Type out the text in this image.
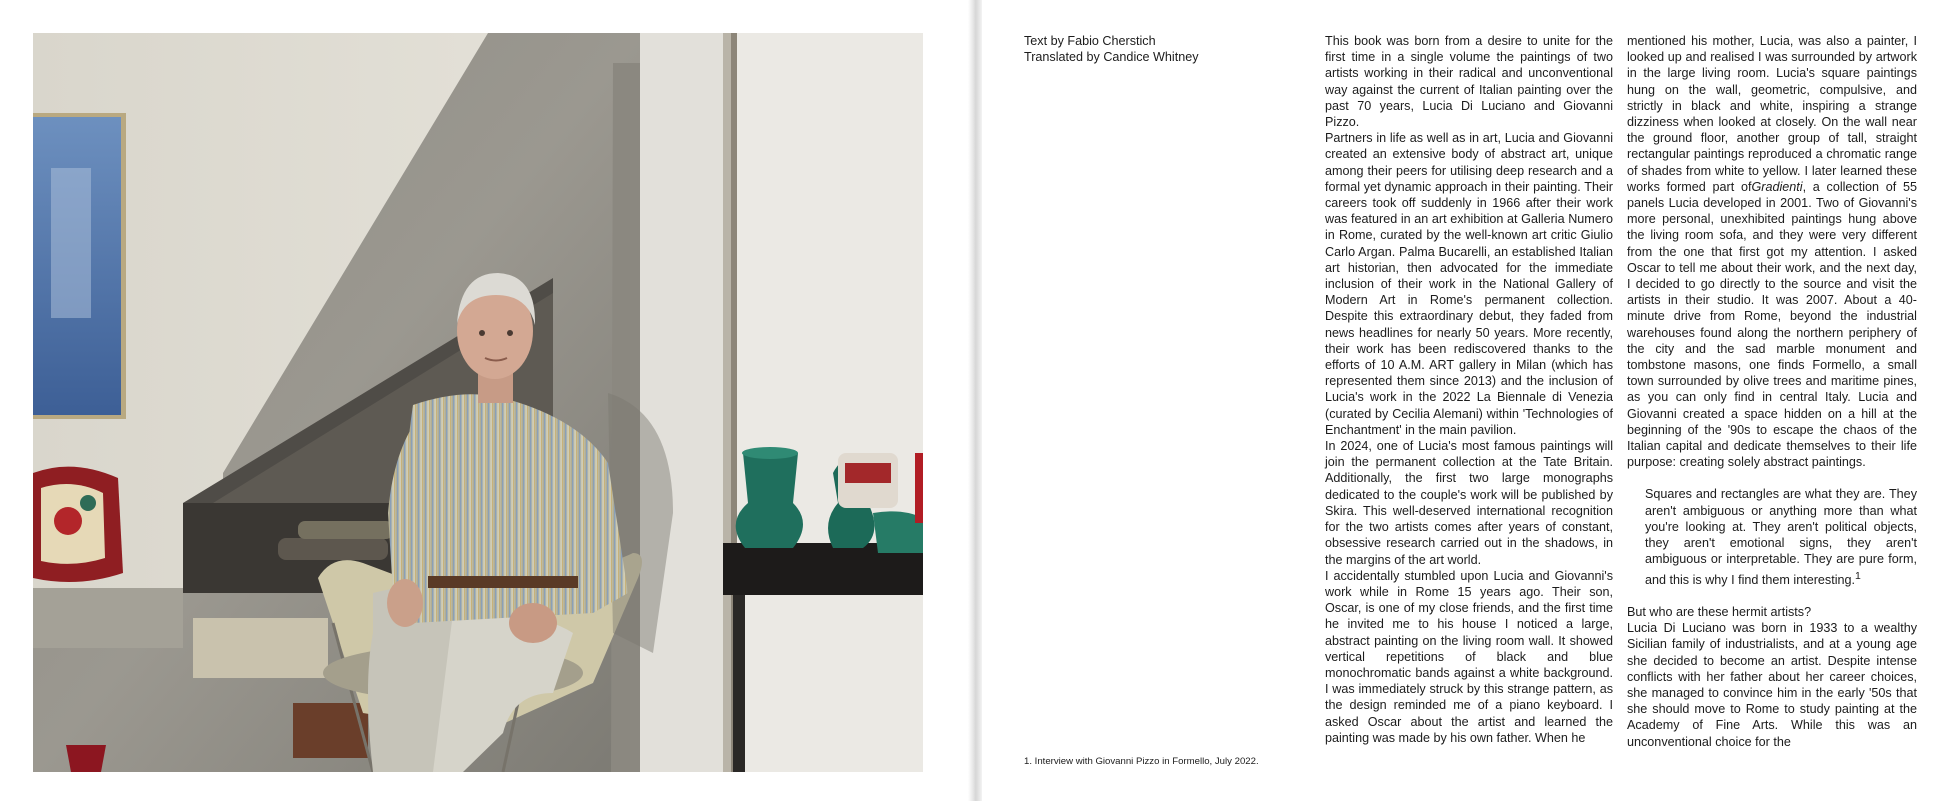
Text by Fabio Cherstich
Translated by Candice Whitney
1. Interview with Giovanni Pizzo in Formello, July 2022.

This book was born from a desire to unite for the first time in a single volume the paintings of two artists working in their radical and unconventional way against the current of Italian painting over the past 70 years, Lucia Di Luciano and Giovanni Pizzo.

Partners in life as well as in art, Lucia and Giovanni created an extensive body of abstract art, unique among their peers for utilising deep research and a formal yet dynamic approach in their painting. Their careers took off suddenly in 1966 after their work was featured in an art exhibition at Galleria Numero in Rome, curated by the well-known art critic Giulio Carlo Argan. Palma Bucarelli, an established Italian art historian, then advocated for the immediate inclusion of their work in the National Gallery of Modern Art in Rome's permanent collection. Despite this extraordinary debut, they faded from news headlines for nearly 50 years. More recently, their work has been rediscovered thanks to the efforts of 10 A.M. ART gallery in Milan (which has represented them since 2013) and the inclusion of Lucia's work in the 2022 La Biennale di Venezia (curated by Cecilia Alemani) within 'Technologies of Enchantment' in the main pavilion.

In 2024, one of Lucia's most famous paintings will join the permanent collection at the Tate Britain. Additionally, the first two large monographs dedicated to the couple's work will be published by Skira. This well-deserved international recognition for the two artists comes after years of constant, obsessive research carried out in the shadows, in the margins of the art world.

I accidentally stumbled upon Lucia and Giovanni's work while in Rome 15 years ago. Their son, Oscar, is one of my close friends, and the first time he invited me to his house I noticed a large, abstract painting on the living room wall. It showed vertical repetitions of black and blue monochromatic bands against a white background. I was immediately struck by this strange pattern, as the design reminded me of a piano keyboard. I asked Oscar about the artist and learned the painting was made by his own father. When he

mentioned his mother, Lucia, was also a painter, I looked up and realised I was surrounded by artwork in the large living room. Lucia's square paintings hung on the wall, geometric, compulsive, and strictly in black and white, inspiring a strange dizziness when looked at closely. On the wall near the ground floor, another group of tall, straight rectangular paintings reproduced a chromatic range of shades from white to yellow. I later learned these works formed part ofGradienti, a collection of 55 panels Lucia developed in 2001. Two of Giovanni's more personal, unexhibited paintings hung above the living room sofa, and they were very different from the one that first got my attention. I asked Oscar to tell me about their work, and the next day, I decided to go directly to the source and visit the artists in their studio. It was 2007. About a 40-minute drive from Rome, beyond the industrial warehouses found along the northern periphery of the city and the sad marble monument and tombstone masons, one finds Formello, a small town surrounded by olive trees and maritime pines, as you can only find in central Italy. Lucia and Giovanni created a space hidden on a hill at the beginning of the '90s to escape the chaos of the Italian capital and dedicate themselves to their life purpose: creating solely abstract paintings.

Squares and rectangles are what they are. They aren't ambiguous or anything more than what you're looking at. They aren't political objects, they aren't emotional signs, they aren't ambiguous or interpretable. They are pure form, and this is why I find them interesting.$^1$

But who are these hermit artists?

Lucia Di Luciano was born in 1933 to a wealthy Sicilian family of industrialists, and at a young age she decided to become an artist. Despite intense conflicts with her father about her career choices, she managed to convince him in the early '50s that she should move to Rome to study painting at the Academy of Fine Arts. While this was an unconventional choice for the
